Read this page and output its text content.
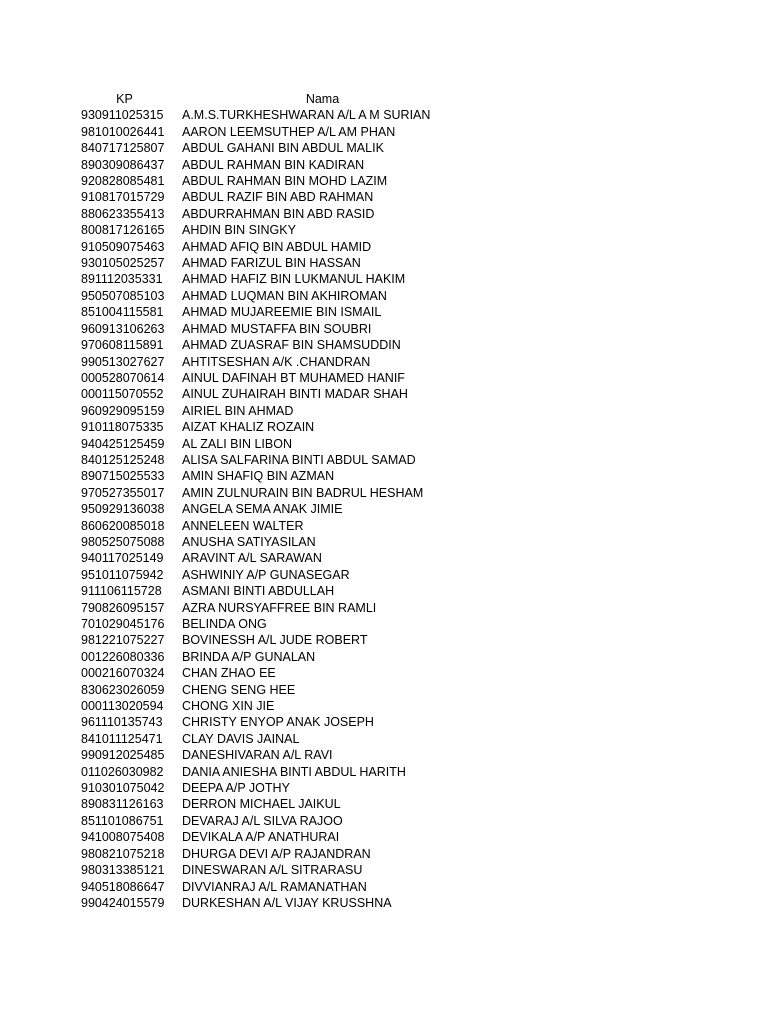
KP	Nama
930911025315	A.M.S.TURKHESHWARAN A/L A M SURIAN
981010026441	AARON LEEMSUTHEP A/L AM PHAN
840717125807	ABDUL GAHANI BIN ABDUL MALIK
890309086437	ABDUL RAHMAN BIN KADIRAN
920828085481	ABDUL RAHMAN BIN MOHD LAZIM
910817015729	ABDUL RAZIF BIN ABD RAHMAN
880623355413	ABDURRAHMAN BIN ABD RASID
800817126165	AHDIN BIN SINGKY
910509075463	AHMAD AFIQ BIN ABDUL HAMID
930105025257	AHMAD FARIZUL BIN HASSAN
891112035331	AHMAD HAFIZ BIN LUKMANUL HAKIM
950507085103	AHMAD LUQMAN BIN AKHIROMAN
851004115581	AHMAD MUJAREEMIE BIN ISMAIL
960913106263	AHMAD MUSTAFFA BIN SOUBRI
970608115891	AHMAD ZUASRAF BIN SHAMSUDDIN
990513027627	AHTITSESHAN A/K .CHANDRAN
000528070614	AINUL DAFINAH BT MUHAMED HANIF
000115070552	AINUL ZUHAIRAH BINTI MADAR SHAH
960929095159	AIRIEL BIN AHMAD
910118075335	AIZAT KHALIZ ROZAIN
940425125459	AL ZALI BIN LIBON
840125125248	ALISA SALFARINA BINTI ABDUL SAMAD
890715025533	AMIN SHAFIQ BIN AZMAN
970527355017	AMIN ZULNURAIN BIN BADRUL HESHAM
950929136038	ANGELA SEMA ANAK JIMIE
860620085018	ANNELEEN WALTER
980525075088	ANUSHA SATIYASILAN
940117025149	ARAVINT A/L SARAWAN
951011075942	ASHWINIY A/P GUNASEGAR
911106115728	ASMANI BINTI ABDULLAH
790826095157	AZRA NURSYAFFREE BIN RAMLI
701029045176	BELINDA ONG
981221075227	BOVINESSH A/L JUDE ROBERT
001226080336	BRINDA A/P GUNALAN
000216070324	CHAN ZHAO EE
830623026059	CHENG SENG HEE
000113020594	CHONG XIN JIE
961110135743	CHRISTY ENYOP ANAK JOSEPH
841011125471	CLAY DAVIS JAINAL
990912025485	DANESHIVARAN A/L RAVI
011026030982	DANIA ANIESHA BINTI ABDUL HARITH
910301075042	DEEPA A/P JOTHY
890831126163	DERRON MICHAEL JAIKUL
851101086751	DEVARAJ A/L SILVA RAJOO
941008075408	DEVIKALA A/P ANATHURAI
980821075218	DHURGA DEVI A/P RAJANDRAN
980313385121	DINESWARAN A/L SITRARASU
940518086647	DIVVIANRAJ A/L RAMANATHAN
990424015579	DURKESHAN A/L VIJAY KRUSSHNA
